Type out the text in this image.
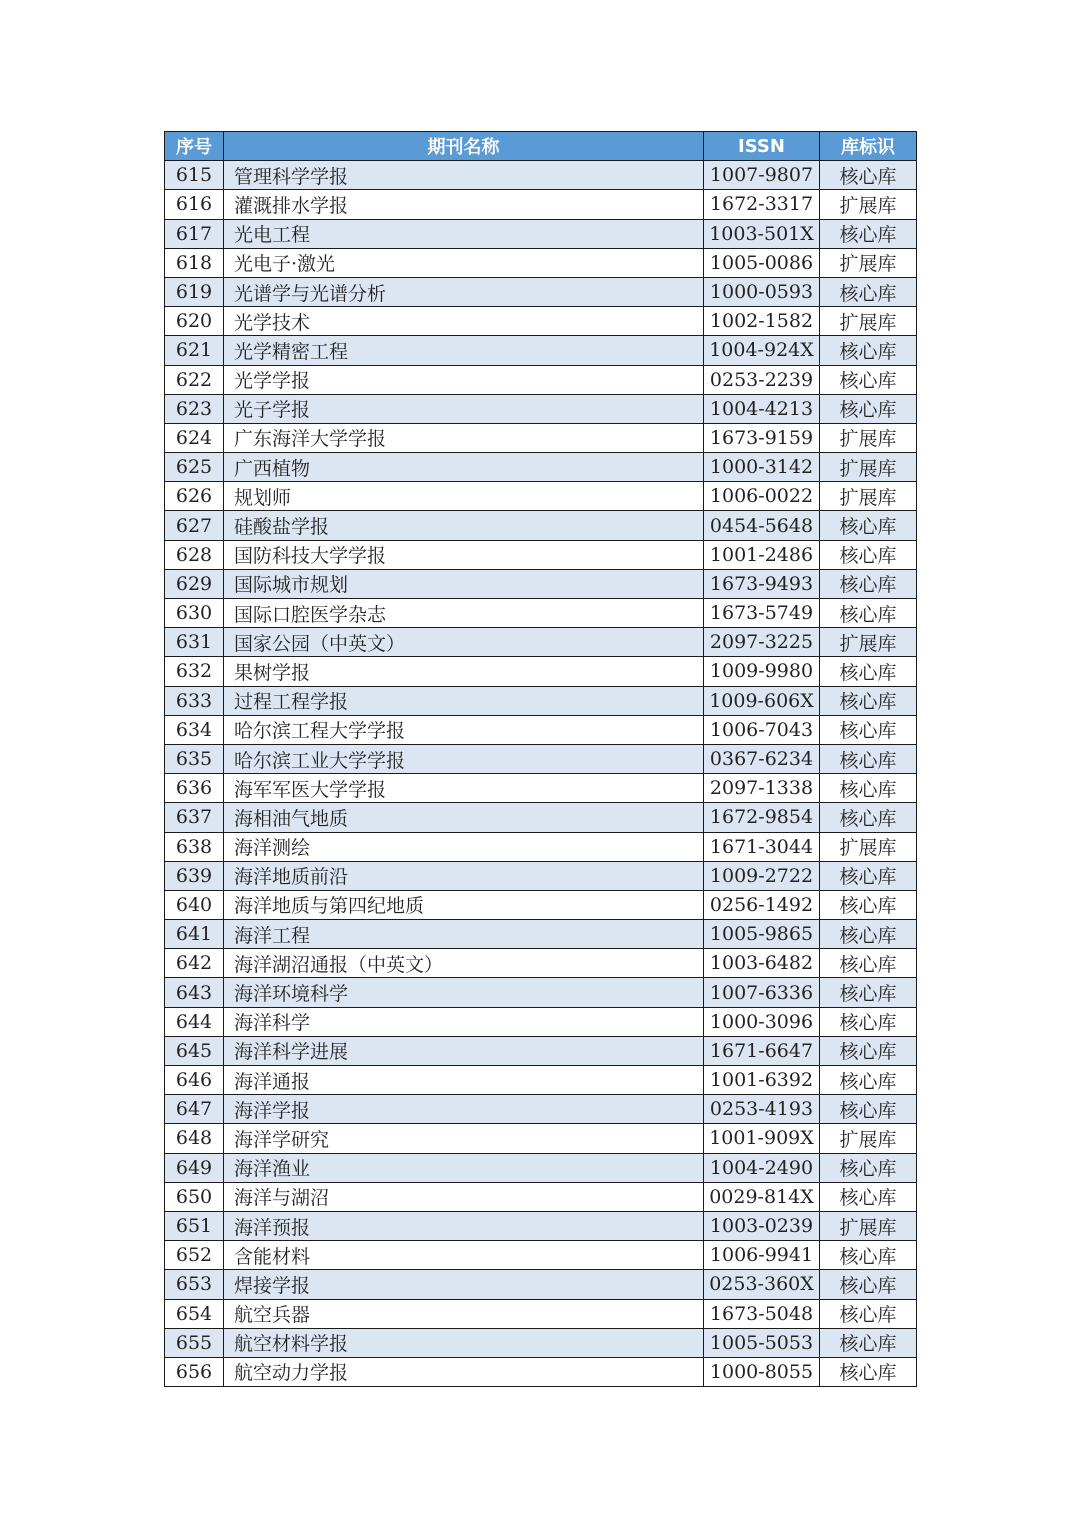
序号	期刊名称	ISSN	库标识
615	管理科学学报	1007-9807	核心库
616	灌溉排水学报	1672-3317	扩展库
617	光电工程	1003-501X	核心库
618	光电子·激光	1005-0086	扩展库
619	光谱学与光谱分析	1000-0593	核心库
620	光学技术	1002-1582	扩展库
621	光学精密工程	1004-924X	核心库
622	光学学报	0253-2239	核心库
623	光子学报	1004-4213	核心库
624	广东海洋大学学报	1673-9159	扩展库
625	广西植物	1000-3142	扩展库
626	规划师	1006-0022	扩展库
627	硅酸盐学报	0454-5648	核心库
628	国防科技大学学报	1001-2486	核心库
629	国际城市规划	1673-9493	核心库
630	国际口腔医学杂志	1673-5749	核心库
631	国家公园（中英文）	2097-3225	扩展库
632	果树学报	1009-9980	核心库
633	过程工程学报	1009-606X	核心库
634	哈尔滨工程大学学报	1006-7043	核心库
635	哈尔滨工业大学学报	0367-6234	核心库
636	海军军医大学学报	2097-1338	核心库
637	海相油气地质	1672-9854	核心库
638	海洋测绘	1671-3044	扩展库
639	海洋地质前沿	1009-2722	核心库
640	海洋地质与第四纪地质	0256-1492	核心库
641	海洋工程	1005-9865	核心库
642	海洋湖沼通报（中英文）	1003-6482	核心库
643	海洋环境科学	1007-6336	核心库
644	海洋科学	1000-3096	核心库
645	海洋科学进展	1671-6647	核心库
646	海洋通报	1001-6392	核心库
647	海洋学报	0253-4193	核心库
648	海洋学研究	1001-909X	扩展库
649	海洋渔业	1004-2490	核心库
650	海洋与湖沼	0029-814X	核心库
651	海洋预报	1003-0239	扩展库
652	含能材料	1006-9941	核心库
653	焊接学报	0253-360X	核心库
654	航空兵器	1673-5048	核心库
655	航空材料学报	1005-5053	核心库
656	航空动力学报	1000-8055	核心库
